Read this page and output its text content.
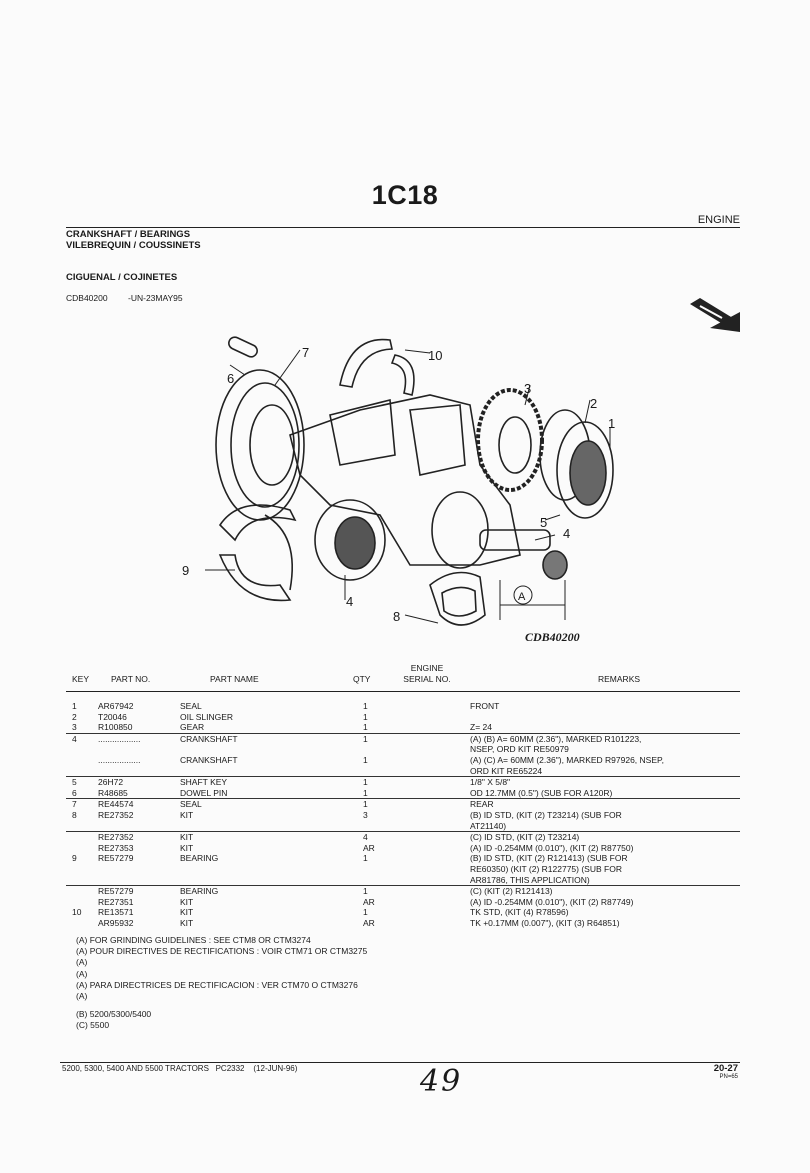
1C18
ENGINE
CRANKSHAFT / BEARINGS
VILEBREQUIN / COUSSINETS
CIGUENAL / COJINETES
CDB40200 -UN-23MAY95
10
7
6
3
2
1
5
4
9
4
8
A
CDB40200
KEY	PART NO.	PART NAME	QTY
ENGINE
SERIAL NO.	REMARKS
1	AR67942	SEAL	1	FRONT
2	T20046	OIL SLINGER	1
3	R100850	GEAR	1	Z= 24
4	..................	CRANKSHAFT	1	(A) (B) A= 60MM (2.36"), MARKED R101223,
NSEP, ORD KIT RE50979
..................	CRANKSHAFT	1	(A) (C) A= 60MM (2.36"), MARKED R97926, NSEP,
ORD KIT RE65224
5	26H72	SHAFT KEY	1	1/8" X 5/8"
6	R48685	DOWEL PIN	1	OD 12.7MM (0.5") (SUB FOR A120R)
7	RE44574	SEAL	1	REAR
8	RE27352	KIT	3	(B) ID STD, (KIT (2) T23214) (SUB FOR
AT21140)
RE27352	KIT	4	(C) ID STD, (KIT (2) T23214)
RE27353	KIT	AR	(A) ID -0.254MM (0.010"), (KIT (2) R87750)
9	RE57279	BEARING	1	(B) ID STD, (KIT (2) R121413) (SUB FOR
RE60350) (KIT (2) R122775) (SUB FOR
AR81786, THIS APPLICATION)
RE57279	BEARING	1	(C) (KIT (2) R121413)
RE27351	KIT	AR	(A) ID -0.254MM (0.010"), (KIT (2) R87749)
10 RE13571	KIT	1	TK STD, (KIT (4) R78596)
AR95932	KIT	AR	TK +0.17MM (0.007"), (KIT (3) R64851)
(A) FOR GRINDING GUIDELINES : SEE CTM8 OR CTM3274
(A) POUR DIRECTIVES DE RECTIFICATIONS : VOIR CTM71 OR CTM3275
(A)
(A)
(A) PARA DIRECTRICES DE RECTIFICACION : VER CTM70 O CTM3276
(A)
(B) 5200/5300/5400
(C) 5500
5200, 5300, 5400 AND 5500 TRACTORS   PC2332    (12-JUN-96)	20-27
PN=65
49
